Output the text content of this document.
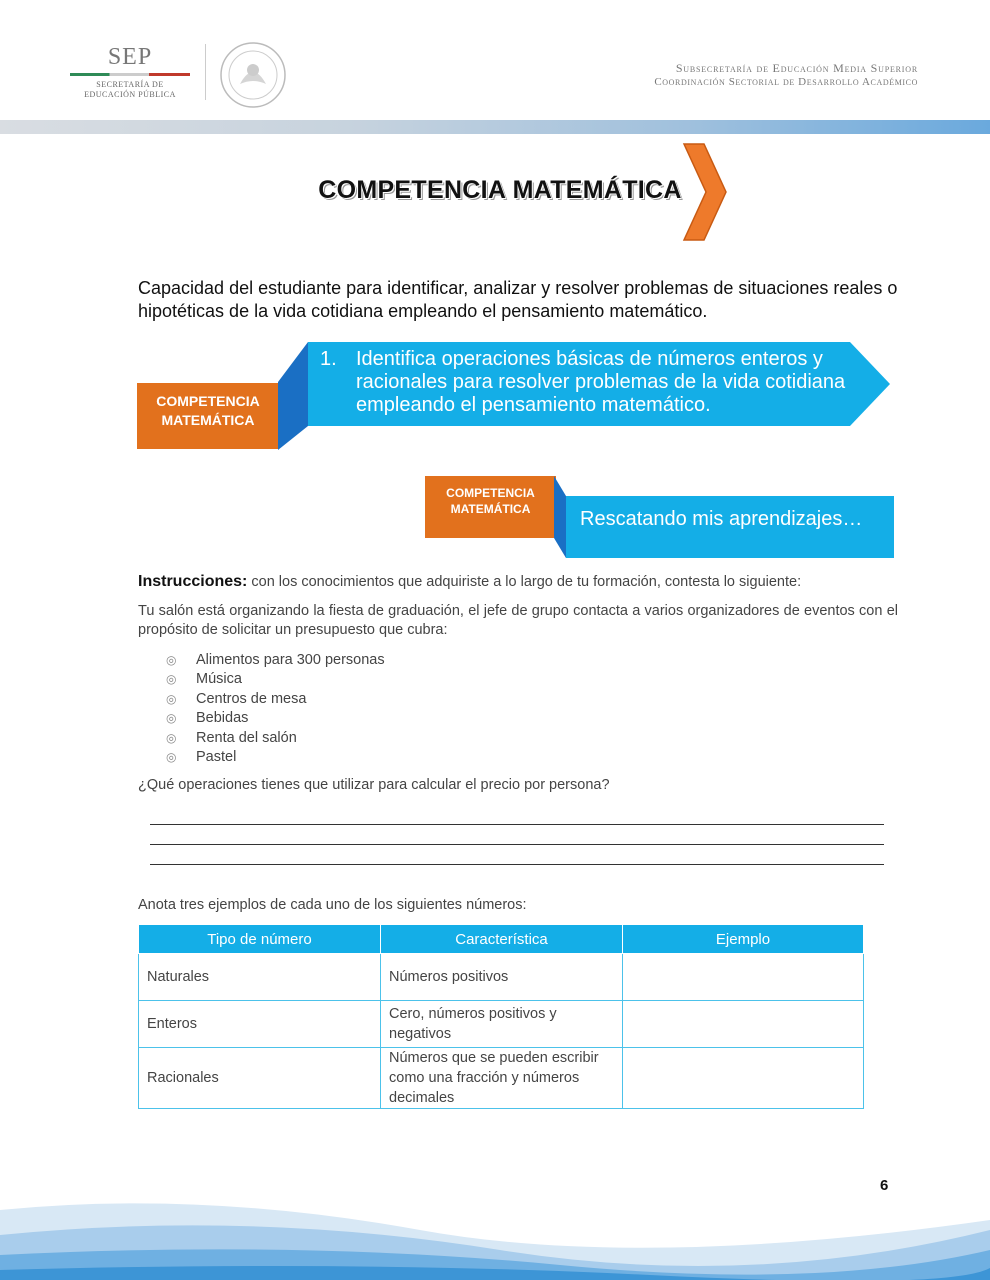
SEP
SECRETARÍA DE
EDUCACIÓN PÚBLICA
Subsecretaría de Educación Media Superior
Coordinación Sectorial de Desarrollo Académico
COMPETENCIA MATEMÁTICA
Capacidad del estudiante para identificar, analizar y resolver problemas de situaciones reales o hipotéticas de la vida cotidiana empleando el pensamiento matemático.
COMPETENCIA
MATEMÁTICA
1. Identifica operaciones básicas de números enteros y racionales para resolver problemas de la vida cotidiana empleando el pensamiento matemático.
COMPETENCIA
MATEMÁTICA	Rescatando mis aprendizajes…
Instrucciones: con los conocimientos que adquiriste a lo largo de tu formación, contesta lo siguiente:
Tu salón está organizando la fiesta de graduación, el jefe de grupo contacta a varios organizadores de eventos con el propósito de solicitar un presupuesto que cubra:
◎ Alimentos para 300 personas
◎ Música
◎ Centros de mesa
◎ Bebidas
◎ Renta del salón
◎ Pastel
¿Qué operaciones tienes que utilizar para calcular el precio por persona?
Anota tres ejemplos de cada uno de los siguientes números:
Tipo de número	Característica	Ejemplo
Naturales	Números positivos	
Enteros	Cero, números positivos y negativos	
Racionales	Números que se pueden escribir como una fracción y números decimales	
6
